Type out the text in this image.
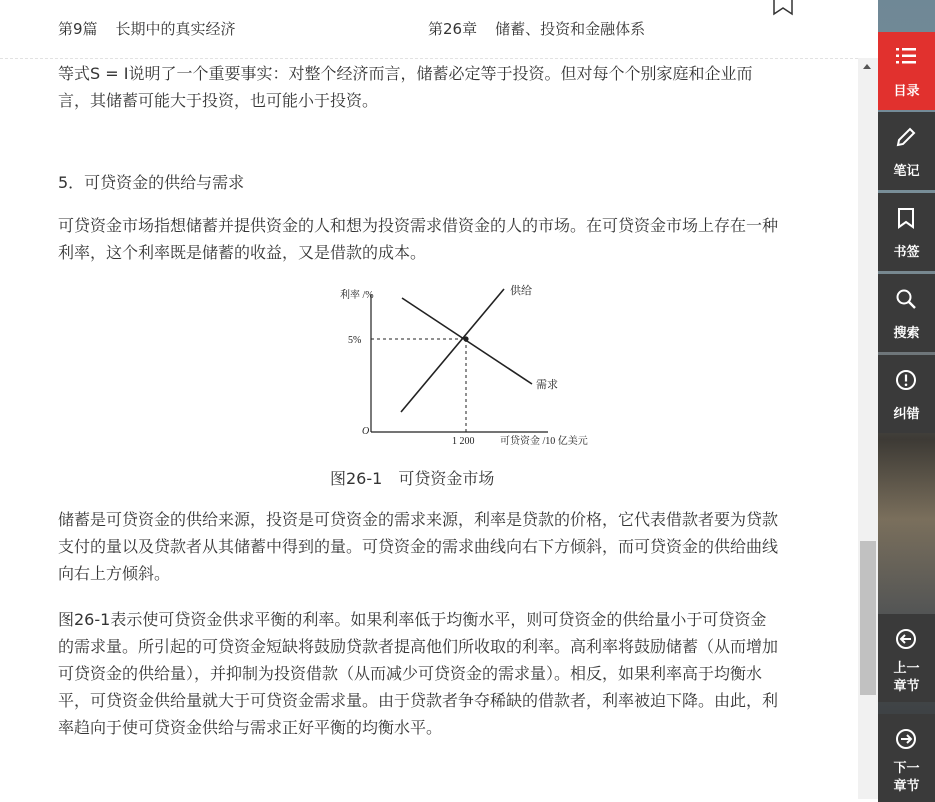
第9篇 长期中的真实经济	第26章 储蓄、投资和金融体系

等式S = I说明了一个重要事实：对整个经济而言，储蓄必定等于投资。但对每个个别家庭和企业而言，其储蓄可能大于投资，也可能小于投资。

5．可贷资金的供给与需求

可贷资金市场指想储蓄并提供资金的人和想为投资需求借资金的人的市场。在可贷资金市场上存在一种利率，这个利率既是储蓄的收益，又是借款的成本。

利率 /%
可贷资金 /10 亿美元
O
5%
1 200
供给
需求
图26-1　可贷资金市场

储蓄是可贷资金的供给来源，投资是可贷资金的需求来源，利率是贷款的价格，它代表借款者要为贷款支付的量以及贷款者从其储蓄中得到的量。可贷资金的需求曲线向右下方倾斜，而可贷资金的供给曲线向右上方倾斜。

图26-1表示使可贷资金供求平衡的利率。如果利率低于均衡水平，则可贷资金的供给量小于可贷资金的需求量。所引起的可贷资金短缺将鼓励贷款者提高他们所收取的利率。高利率将鼓励储蓄（从而增加可贷资金的供给量），并抑制为投资借款（从而减少可贷资金的需求量）。相反，如果利率高于均衡水平，可贷资金供给量就大于可贷资金需求量。由于贷款者争夺稀缺的借款者，利率被迫下降。由此，利率趋向于使可贷资金供给与需求正好平衡的均衡水平。

目录
笔记
书签
搜索
纠错
上一
章节
下一
章节
